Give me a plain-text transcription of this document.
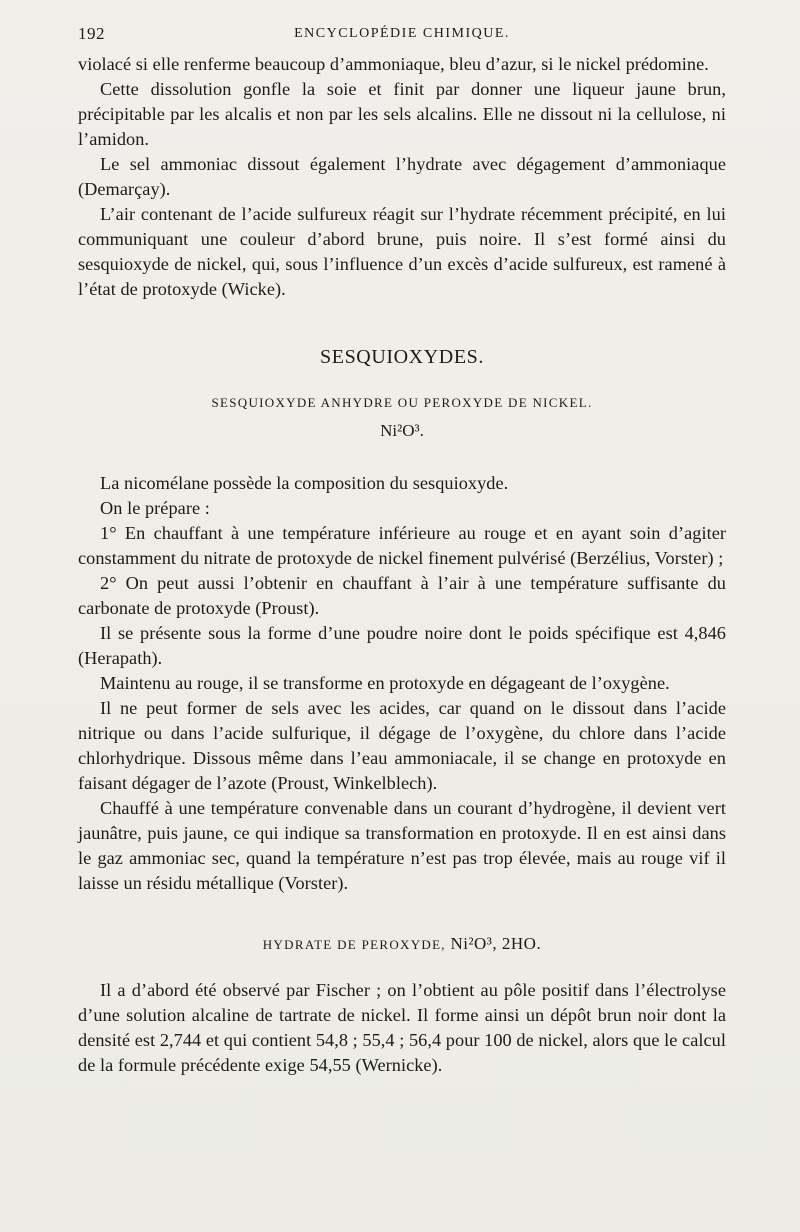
192	ENCYCLOPÉDIE CHIMIQUE.

violacé si elle renferme beaucoup d’ammoniaque, bleu d’azur, si le nickel prédomine.

Cette dissolution gonfle la soie et finit par donner une liqueur jaune brun, précipitable par les alcalis et non par les sels alcalins. Elle ne dissout ni la cellulose, ni l’amidon.

Le sel ammoniac dissout également l’hydrate avec dégagement d’ammoniaque (Demarçay).

L’air contenant de l’acide sulfureux réagit sur l’hydrate récemment précipité, en lui communiquant une couleur d’abord brune, puis noire. Il s’est formé ainsi du sesquioxyde de nickel, qui, sous l’influence d’un excès d’acide sulfureux, est ramené à l’état de protoxyde (Wicke).

SESQUIOXYDES.
SESQUIOXYDE ANHYDRE OU PEROXYDE DE NICKEL.
Ni²O³.

La nicomélane possède la composition du sesquioxyde.

On le prépare :

1° En chauffant à une température inférieure au rouge et en ayant soin d’agiter constamment du nitrate de protoxyde de nickel finement pulvérisé (Berzélius, Vorster) ;

2° On peut aussi l’obtenir en chauffant à l’air à une température suffisante du carbonate de protoxyde (Proust).

Il se présente sous la forme d’une poudre noire dont le poids spécifique est 4,846 (Herapath).

Maintenu au rouge, il se transforme en protoxyde en dégageant de l’oxygène.

Il ne peut former de sels avec les acides, car quand on le dissout dans l’acide nitrique ou dans l’acide sulfurique, il dégage de l’oxygène, du chlore dans l’acide chlorhydrique. Dissous même dans l’eau ammoniacale, il se change en protoxyde en faisant dégager de l’azote (Proust, Winkelblech).

Chauffé à une température convenable dans un courant d’hydrogène, il devient vert jaunâtre, puis jaune, ce qui indique sa transformation en protoxyde. Il en est ainsi dans le gaz ammoniac sec, quand la température n’est pas trop élevée, mais au rouge vif il laisse un résidu métallique (Vorster).

HYDRATE DE PEROXYDE, Ni²O³, 2HO.

Il a d’abord été observé par Fischer ; on l’obtient au pôle positif dans l’électrolyse d’une solution alcaline de tartrate de nickel. Il forme ainsi un dépôt brun noir dont la densité est 2,744 et qui contient 54,8 ; 55,4 ; 56,4 pour 100 de nickel, alors que le calcul de la formule précédente exige 54,55 (Wernicke).
